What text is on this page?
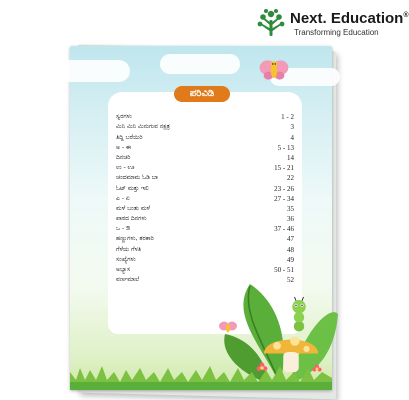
Next. Education®
Transforming Education
ಪರಿವಿಡಿ
ಸ್ವರಗಳು	1 - 2
ಮಿನಿ ಮಿನಿ ಮಿನುಗುವ ನಕ್ಷತ್ರ	3
ತಿದ್ದಿ ಬರೆಯಿರಿ	4
ಅ - ಈ	5 - 13
ದಿನಚರಿ	14
ಉ - ಊ	15 - 21
ಚಂದಮಾಮ ಓಡಿ ಬಾ	22
ಓಟ್ ಮತ್ತು ಇಲಿ	23 - 26
ಎ - ಏ	27 - 34
ಮಳೆ ಬಂತು ಮಳೆ	35
ಪಾಠದ ದಿನಗಳು	36
ಒ - ಔ	37 - 46
ಹಣ್ಣುಗಳು, ತರಕಾರಿ	47
ಗೆಳೆಯ ಗೆಳತಿ	48
ಸಂಖ್ಯೆಗಳು	49
ಅಭ್ಯಾಸ	50 - 51
ವರ್ಣಮಾಲೆ	52
